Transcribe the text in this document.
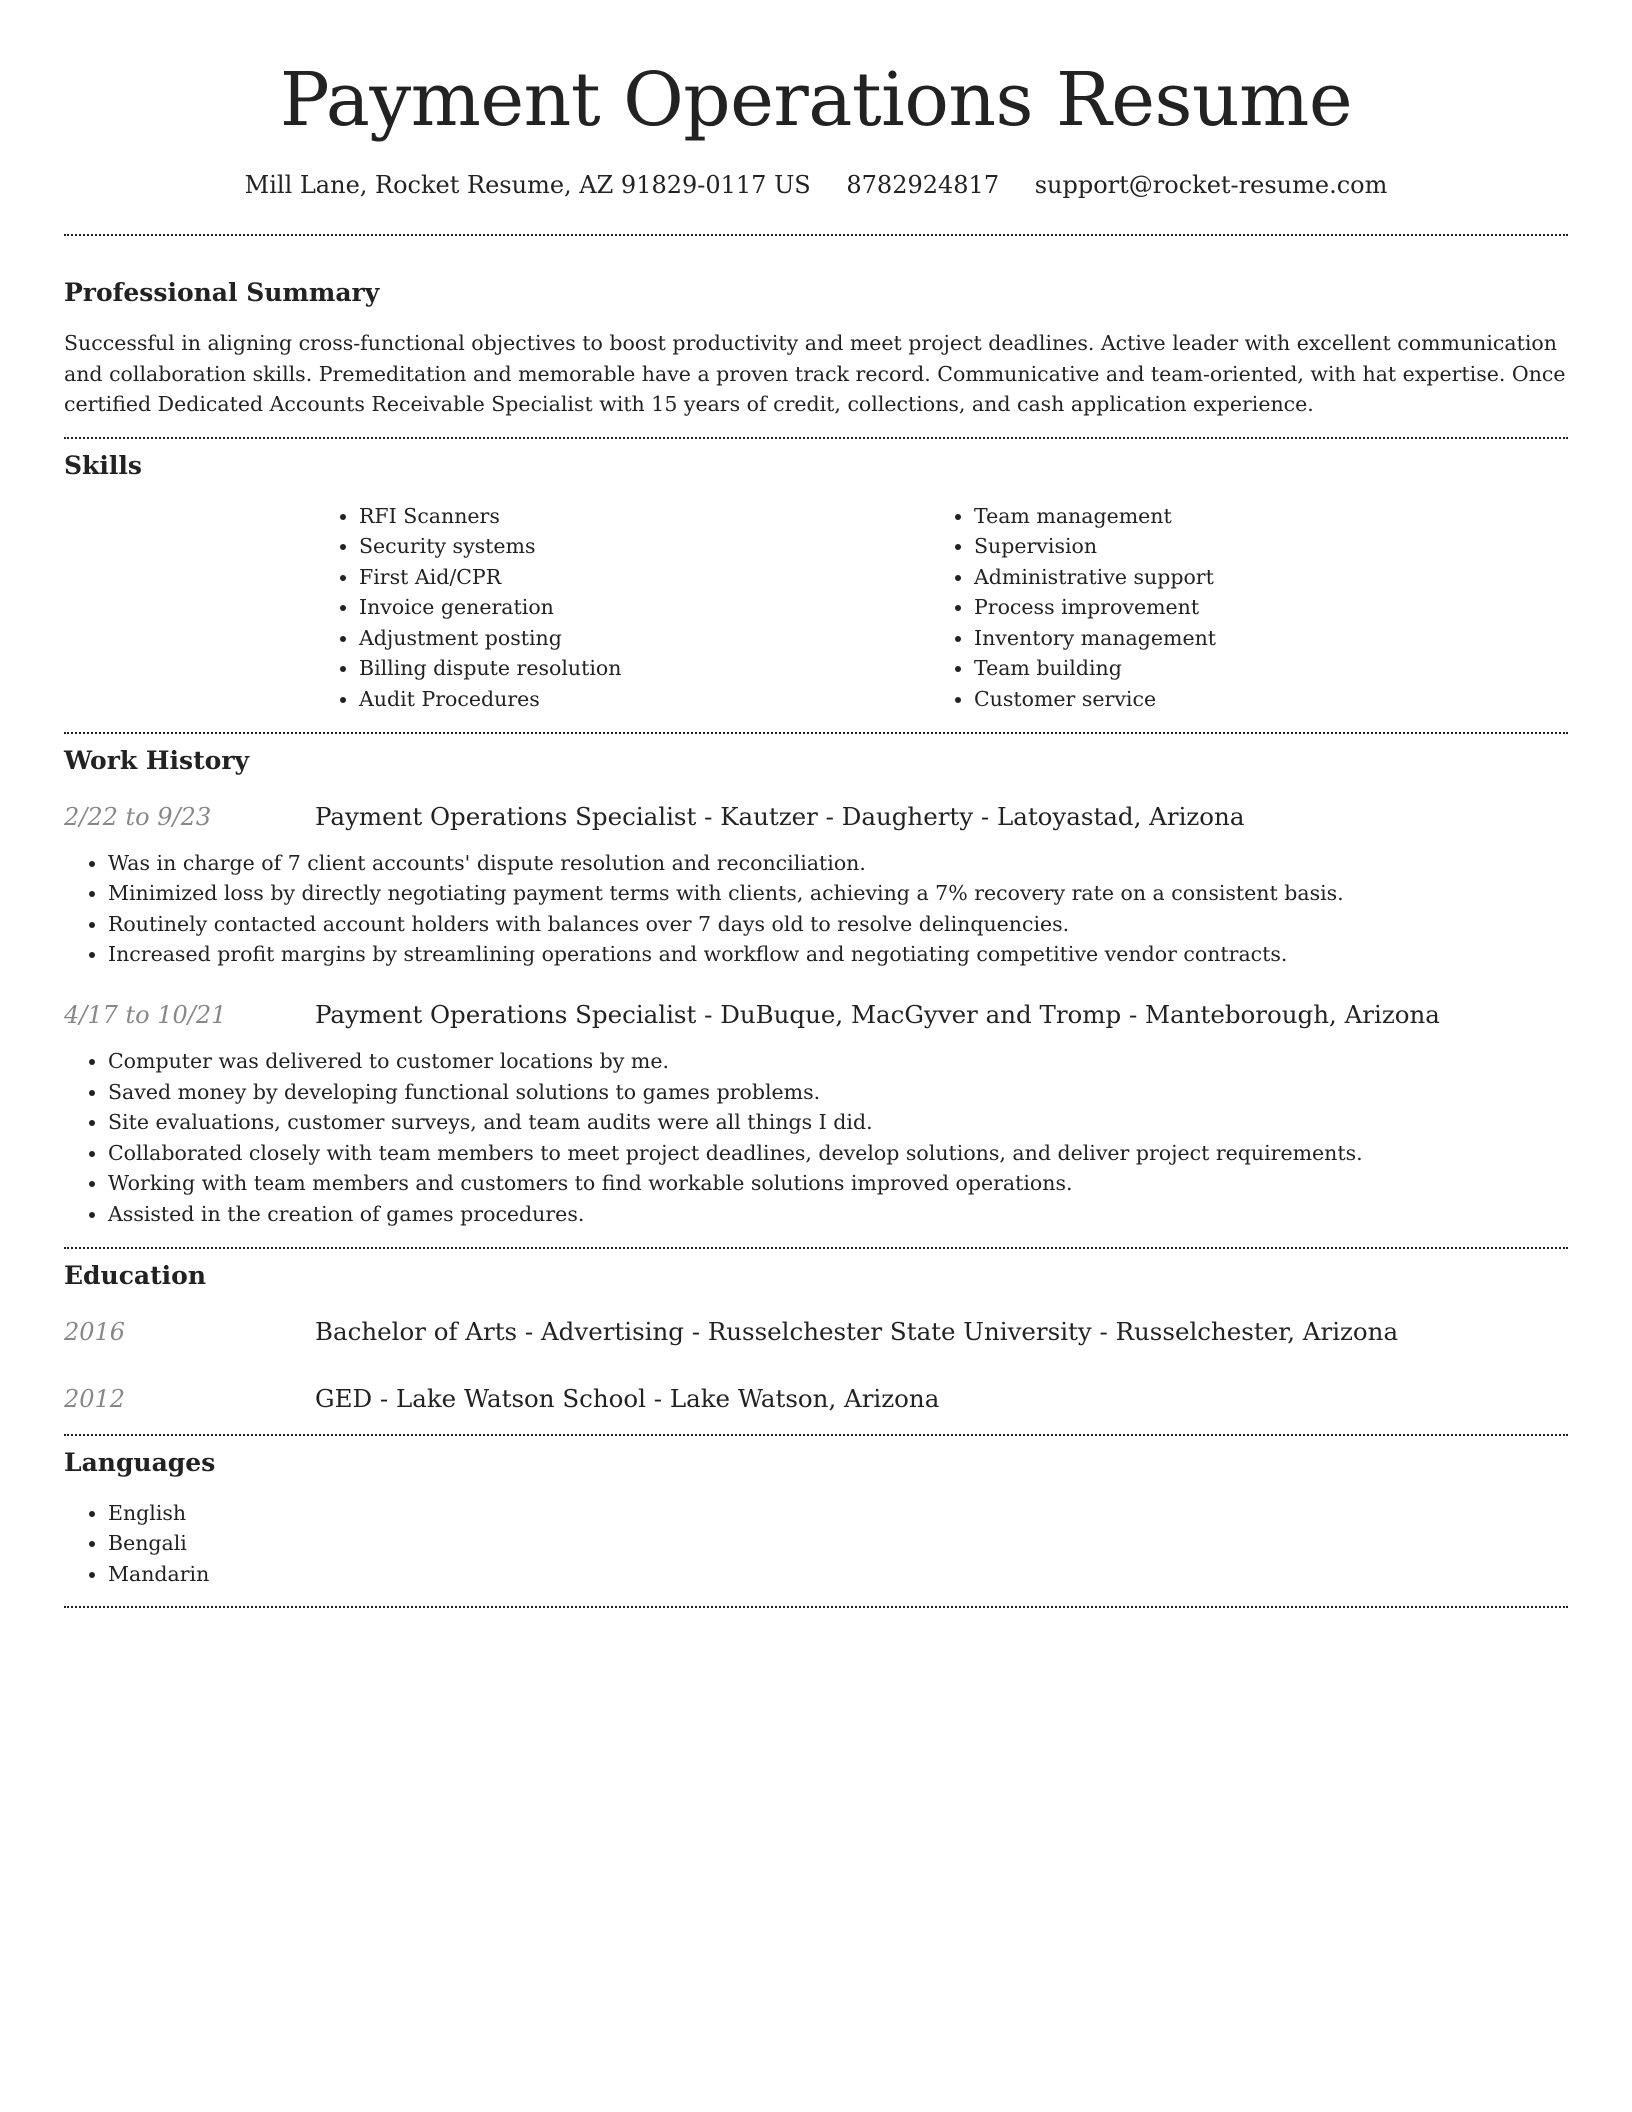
Payment Operations Resume
Mill Lane, Rocket Resume, AZ 91829-0117 US 8782924817 support@rocket-resume.com
Professional Summary

Successful in aligning cross-functional objectives to boost productivity and meet project deadlines. Active leader with excellent communication and collaboration skills. Premeditation and memorable have a proven track record. Communicative and team-oriented, with hat expertise. Once certified Dedicated Accounts Receivable Specialist with 15 years of credit, collections, and cash application experience.

Skills
• RFI Scanners
• Security systems
• First Aid/CPR
• Invoice generation
• Adjustment posting
• Billing dispute resolution
• Audit Procedures
• Team management
• Supervision
• Administrative support
• Process improvement
• Inventory management
• Team building
• Customer service
Work History
2/22 to 9/23	Payment Operations Specialist - Kautzer - Daugherty - Latoyastad, Arizona
• Was in charge of 7 client accounts' dispute resolution and reconciliation.
• Minimized loss by directly negotiating payment terms with clients, achieving a 7% recovery rate on a consistent basis.
• Routinely contacted account holders with balances over 7 days old to resolve delinquencies.
• Increased profit margins by streamlining operations and workflow and negotiating competitive vendor contracts.
4/17 to 10/21	Payment Operations Specialist - DuBuque, MacGyver and Tromp - Manteborough, Arizona
• Computer was delivered to customer locations by me.
• Saved money by developing functional solutions to games problems.
• Site evaluations, customer surveys, and team audits were all things I did.
• Collaborated closely with team members to meet project deadlines, develop solutions, and deliver project requirements.
• Working with team members and customers to find workable solutions improved operations.
• Assisted in the creation of games procedures.
Education
2016	Bachelor of Arts - Advertising - Russelchester State University - Russelchester, Arizona
2012	GED - Lake Watson School - Lake Watson, Arizona
Languages
• English
• Bengali
• Mandarin
